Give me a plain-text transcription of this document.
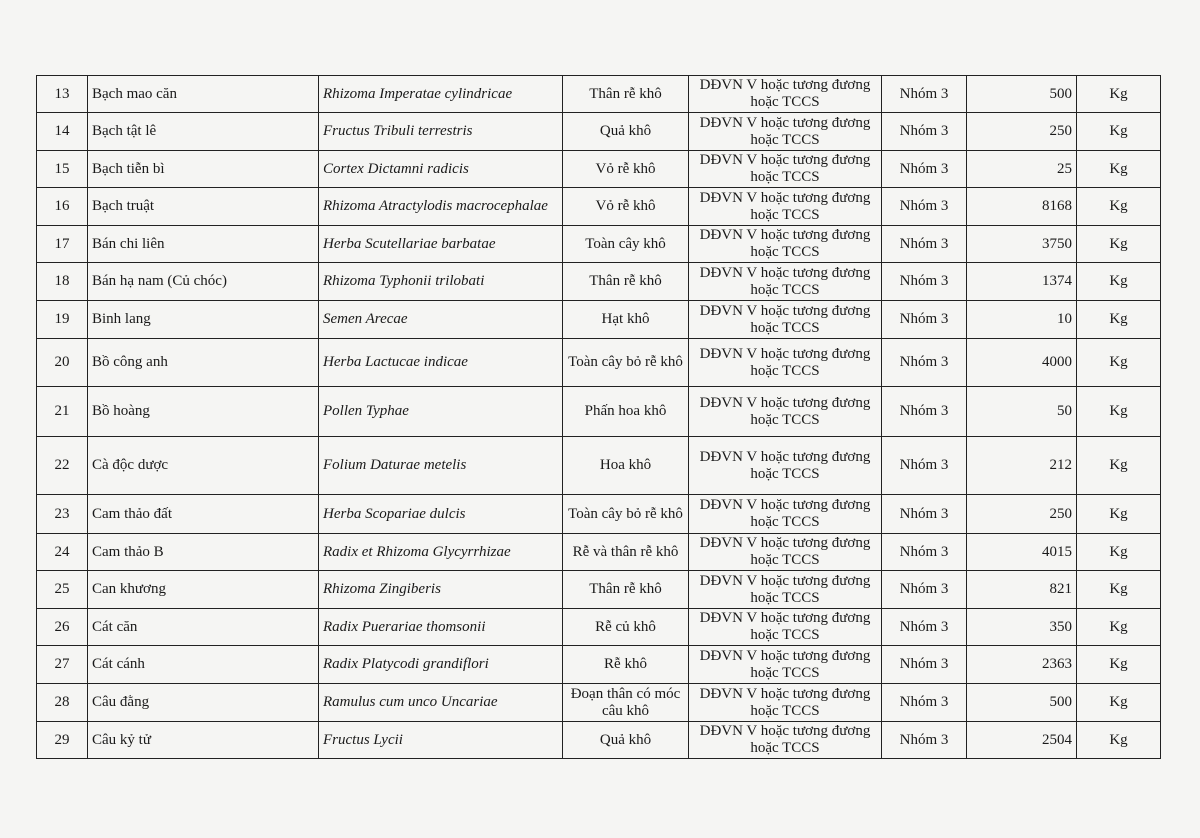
13	Bạch mao căn	Rhizoma Imperatae cylindricae	Thân rễ khô	DĐVN V hoặc tương đương hoặc TCCS	Nhóm 3	500	Kg
14	Bạch tật lê	Fructus Tribuli terrestris	Quả khô	DĐVN V hoặc tương đương hoặc TCCS	Nhóm 3	250	Kg
15	Bạch tiễn bì	Cortex Dictamni radicis	Vỏ rễ khô	DĐVN V hoặc tương đương hoặc TCCS	Nhóm 3	25	Kg
16	Bạch truật	Rhizoma Atractylodis macrocephalae	Vỏ rễ khô	DĐVN V hoặc tương đương hoặc TCCS	Nhóm 3	8168	Kg
17	Bán chi liên	Herba Scutellariae barbatae	Toàn cây khô	DĐVN V hoặc tương đương hoặc TCCS	Nhóm 3	3750	Kg
18	Bán hạ nam (Củ chóc)	Rhizoma Typhonii trilobati	Thân rễ khô	DĐVN V hoặc tương đương hoặc TCCS	Nhóm 3	1374	Kg
19	Binh lang	Semen Arecae	Hạt khô	DĐVN V hoặc tương đương hoặc TCCS	Nhóm 3	10	Kg
20	Bồ công anh	Herba Lactucae indicae	Toàn cây bỏ rễ khô	DĐVN V hoặc tương đương hoặc TCCS	Nhóm 3	4000	Kg
21	Bồ hoàng	Pollen Typhae	Phấn hoa khô	DĐVN V hoặc tương đương hoặc TCCS	Nhóm 3	50	Kg
22	Cà độc dược	Folium Daturae metelis	Hoa khô	DĐVN V hoặc tương đương hoặc TCCS	Nhóm 3	212	Kg
23	Cam thảo đất	Herba Scopariae dulcis	Toàn cây bỏ rễ khô	DĐVN V hoặc tương đương hoặc TCCS	Nhóm 3	250	Kg
24	Cam thảo B	Radix et Rhizoma Glycyrrhizae	Rễ và thân rễ khô	DĐVN V hoặc tương đương hoặc TCCS	Nhóm 3	4015	Kg
25	Can khương	Rhizoma Zingiberis	Thân rễ khô	DĐVN V hoặc tương đương hoặc TCCS	Nhóm 3	821	Kg
26	Cát căn	Radix Puerariae thomsonii	Rễ củ khô	DĐVN V hoặc tương đương hoặc TCCS	Nhóm 3	350	Kg
27	Cát cánh	Radix Platycodi grandiflori	Rễ khô	DĐVN V hoặc tương đương hoặc TCCS	Nhóm 3	2363	Kg
28	Câu đằng	Ramulus cum unco Uncariae	Đoạn thân có móc câu khô	DĐVN V hoặc tương đương hoặc TCCS	Nhóm 3	500	Kg
29	Câu kỷ tử	Fructus Lycii	Quả khô	DĐVN V hoặc tương đương hoặc TCCS	Nhóm 3	2504	Kg
